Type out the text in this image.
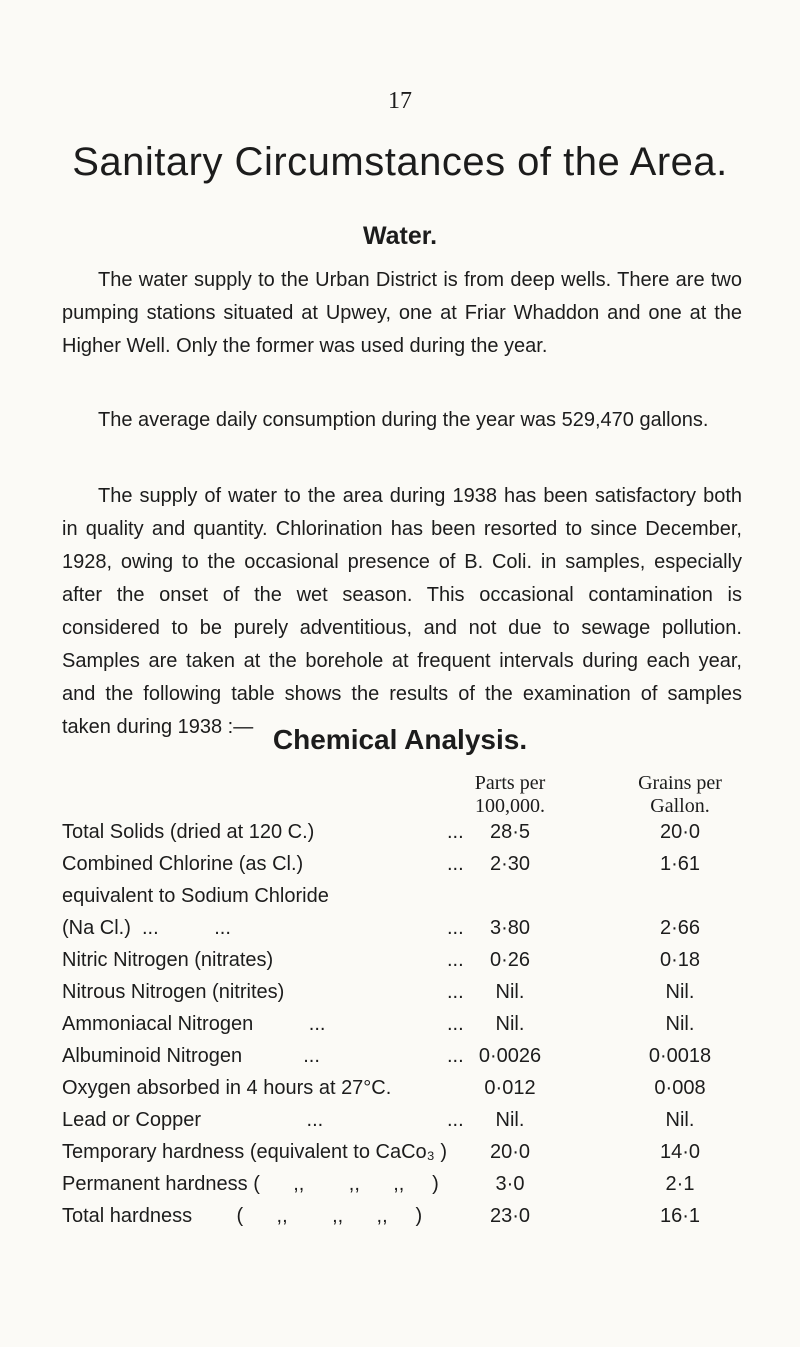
17
Sanitary Circumstances of the Area.
Water.

The water supply to the Urban District is from deep wells. There are two pumping stations situated at Upwey, one at Friar Whaddon and one at the Higher Well. Only the former was used during the year.

The average daily consumption during the year was 529,470 gallons.

The supply of water to the area during 1938 has been satisfactory both in quality and quantity. Chlorination has been resorted to since December, 1928, owing to the occasional presence of B. Coli. in samples, especially after the onset of the wet season. This occasional contamination is considered to be purely adventitious, and not due to sewage pollution. Samples are taken at the borehole at frequent intervals during each year, and the following table shows the results of the examination of samples taken during 1938 :— Chemical Analysis.
Parts per
100,000.
Grains per
Gallon.
Total Solids (dried at 120 C.)	...	28·5	20·0
Combined Chlorine (as Cl.)	...	2·30	1·61
equivalent to Sodium Chloride
(Na Cl.)  ...          ...	...	3·80	2·66
Nitric Nitrogen (nitrates)	...	0·26	0·18
Nitrous Nitrogen (nitrites)	...	Nil.	Nil.
Ammoniacal Nitrogen          ...	...	Nil.	Nil.
Albuminoid Nitrogen           ...	... 0·0026	0·0018
Oxygen absorbed in 4 hours at 27°C.	0·012	0·008
Lead or Copper                   ...	...	Nil.	Nil.
Temporary hardness (equivalent to CaCo₃ )	20·0	14·0
Permanent hardness (      ,,        ,,      ,,     )	3·0	2·1
Total hardness        (      ,,        ,,      ,,     )	23·0	16·1
